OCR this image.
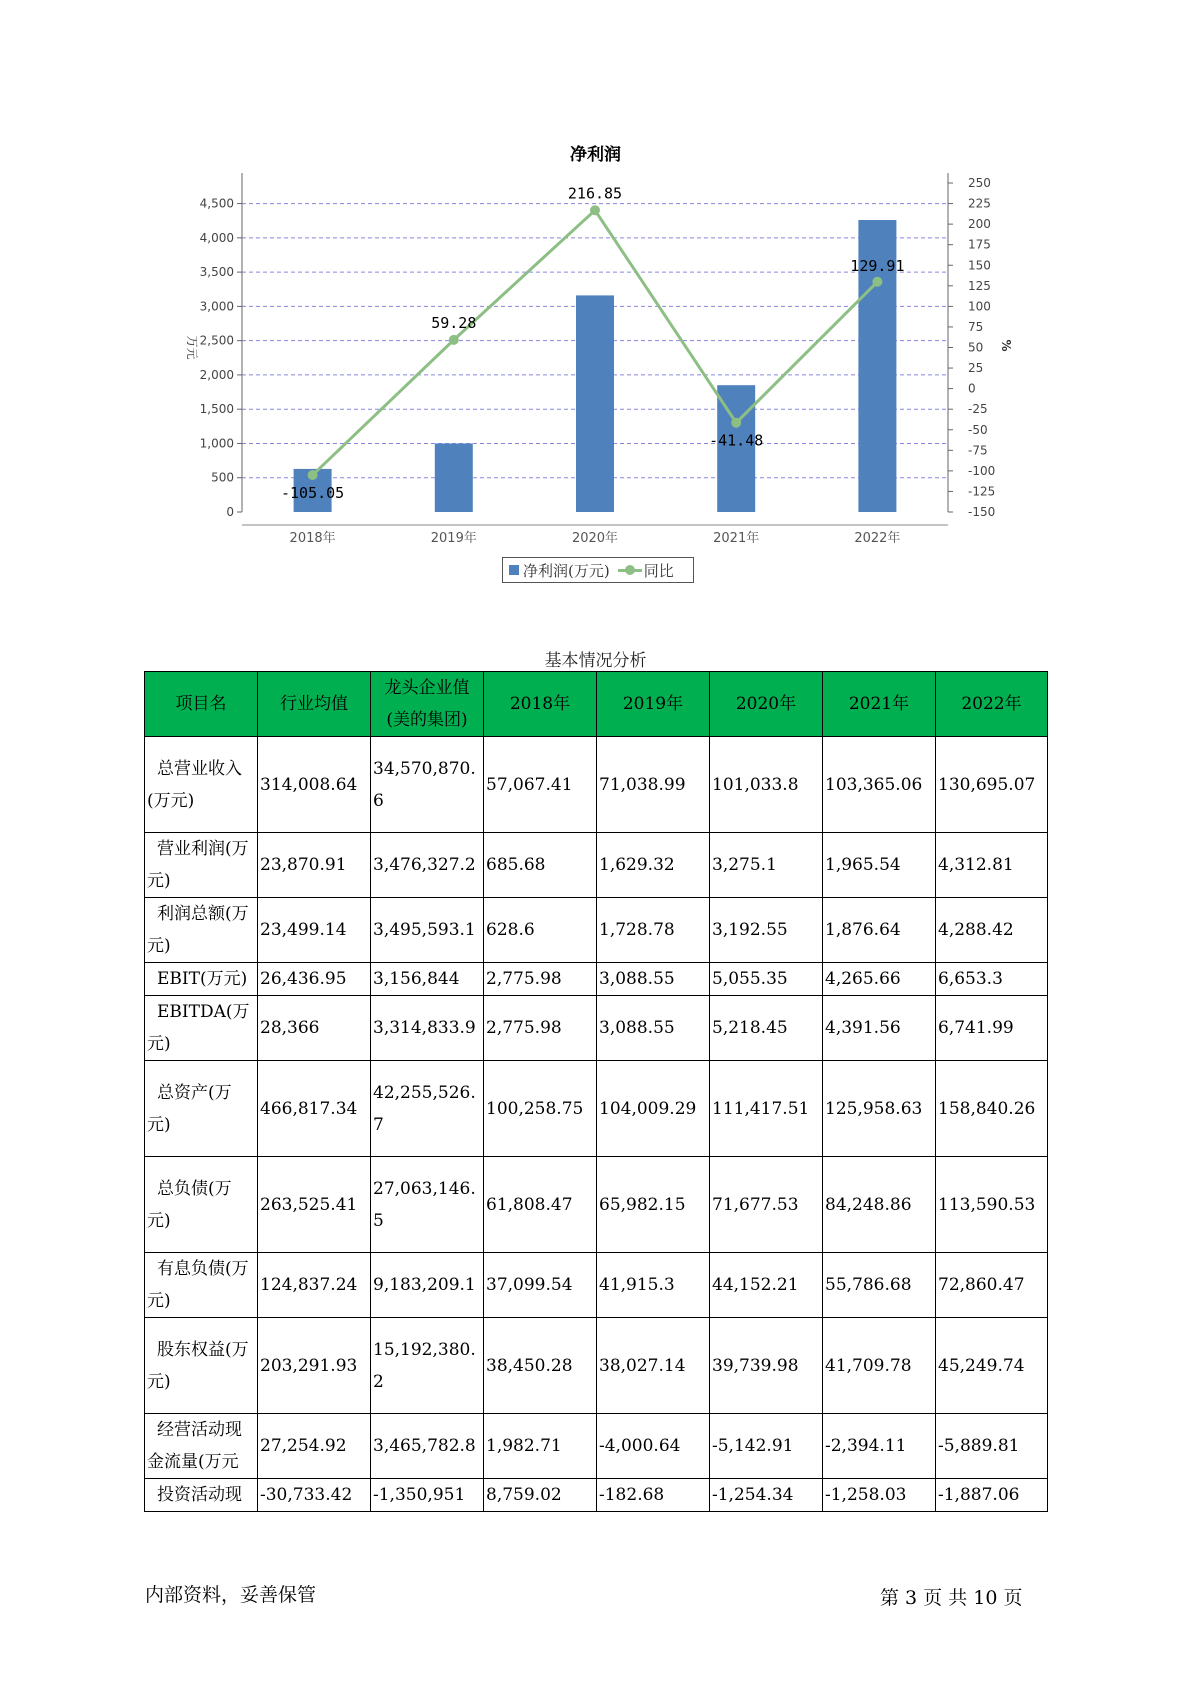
净利润
0
500
1,000
1,500
2,000
2,500
3,000
3,500
4,000
4,500
-150
-125
-100
-75
-50
-25
0
25
50
75
100
125
150
175
200
225
250
万元	%
2018年	2019年	2020年	2021年	2022年
-105.05
59.28
216.85
-41.48
129.91
净利润(万元) 同比
基本情况分析
项目名	行业均值	龙头企业值(美的集团)	2018年	2019年	2020年	2021年	2022年
总营业收入(万元)	314,008.64	34,570,870.6	57,067.41	71,038.99	101,033.8	103,365.06	130,695.07
营业利润(万元)	23,870.91	3,476,327.2	685.68	1,629.32	3,275.1	1,965.54	4,312.81
利润总额(万元)	23,499.14	3,495,593.1	628.6	1,728.78	3,192.55	1,876.64	4,288.42
EBIT(万元)	26,436.95	3,156,844	2,775.98	3,088.55	5,055.35	4,265.66	6,653.3
EBITDA(万元)	28,366	3,314,833.9	2,775.98	3,088.55	5,218.45	4,391.56	6,741.99
总资产(万元)	466,817.34	42,255,526.7	100,258.75	104,009.29	111,417.51	125,958.63	158,840.26
总负债(万元)	263,525.41	27,063,146.5	61,808.47	65,982.15	71,677.53	84,248.86	113,590.53
有息负债(万元)	124,837.24	9,183,209.1	37,099.54	41,915.3	44,152.21	55,786.68	72,860.47
股东权益(万元)	203,291.93	15,192,380.2	38,450.28	38,027.14	39,739.98	41,709.78	45,249.74
经营活动现金流量(万元	27,254.92	3,465,782.8	1,982.71	-4,000.64	-5,142.91	-2,394.11	-5,889.81
投资活动现	-30,733.42	-1,350,951	8,759.02	-182.68	-1,254.34	-1,258.03	-1,887.06
内部资料，妥善保管	第 3 页 共 10 页
